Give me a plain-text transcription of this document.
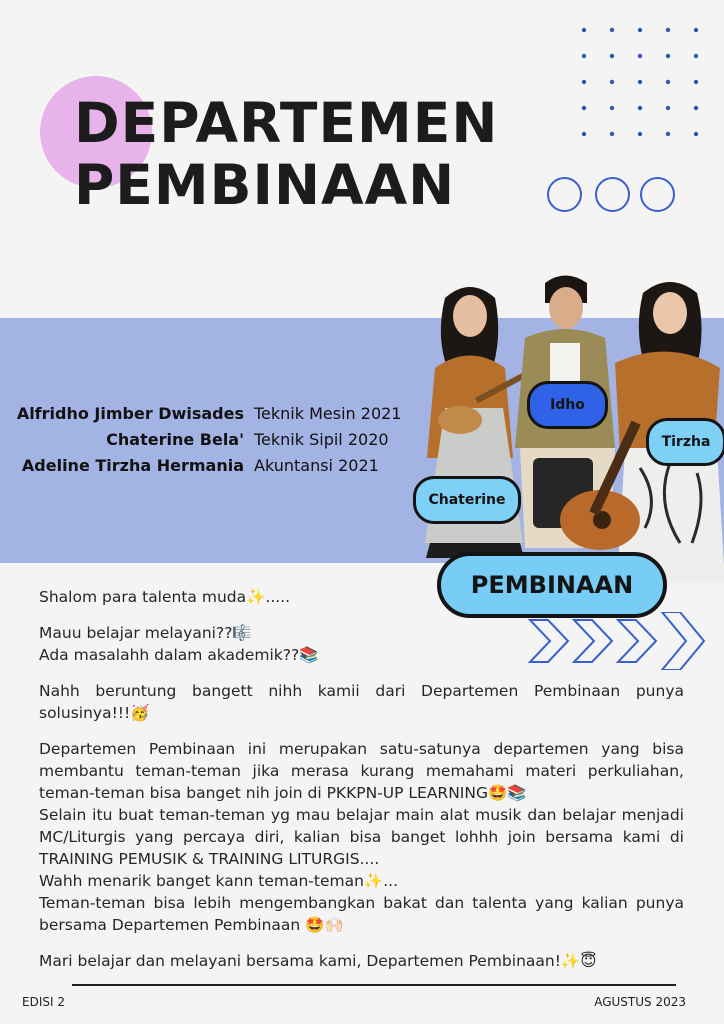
DEPARTEMEN
PEMBINAAN
Alfridho Jimber Dwisades Teknik Mesin 2021
Chaterine Bela' Teknik Sipil 2020
Adeline Tirzha Hermania Akuntansi 2021
Idho
Tirzha
Chaterine
PEMBINAAN

Shalom para talenta muda✨.....

Mauu belajar melayani??🎼

Ada masalahh dalam akademik??📚

Nahh beruntung bangett nihh kamii dari Departemen Pembinaan punya solusinya!!!🥳

Departemen Pembinaan ini merupakan satu-satunya departemen yang bisa membantu teman-teman jika merasa kurang memahami materi perkuliahan, teman-teman bisa banget nih join di PKKPN-UP LEARNING🤩📚

Selain itu buat teman-teman yg mau belajar main alat musik dan belajar menjadi MC/Liturgis yang percaya diri, kalian bisa banget lohhh join bersama kami di TRAINING PEMUSIK & TRAINING LITURGIS....

Wahh menarik banget kann teman-teman✨...

Teman-teman bisa lebih mengembangkan bakat dan talenta yang kalian punya bersama Departemen Pembinaan 🤩🙌🏻

Mari belajar dan melayani bersama kami, Departemen Pembinaan!✨😇

EDISI 2	AGUSTUS 2023
